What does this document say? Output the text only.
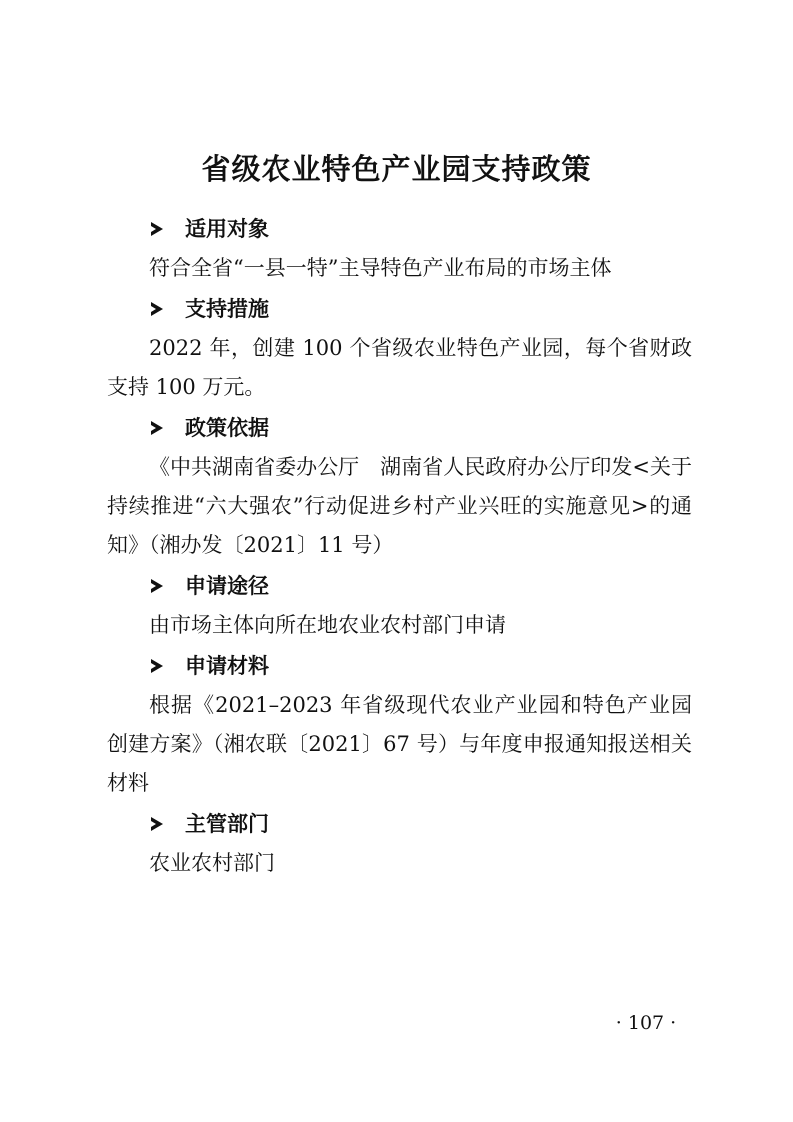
省级农业特色产业园支持政策
适用对象

符合全省“一县一特”主导特色产业布局的市场主体

支持措施

2022 年，创建 100 个省级农业特色产业园，每个省财政支持 100 万元。

政策依据

《中共湖南省委办公厅　湖南省人民政府办公厅印发<关于持续推进“六大强农”行动促进乡村产业兴旺的实施意见>的通知》（湘办发〔2021〕11 号）

申请途径

由市场主体向所在地农业农村部门申请

申请材料

根据《2021–2023 年省级现代农业产业园和特色产业园创建方案》（湘农联〔2021〕67 号）与年度申报通知报送相关材料

主管部门

农业农村部门

· 107 ·
